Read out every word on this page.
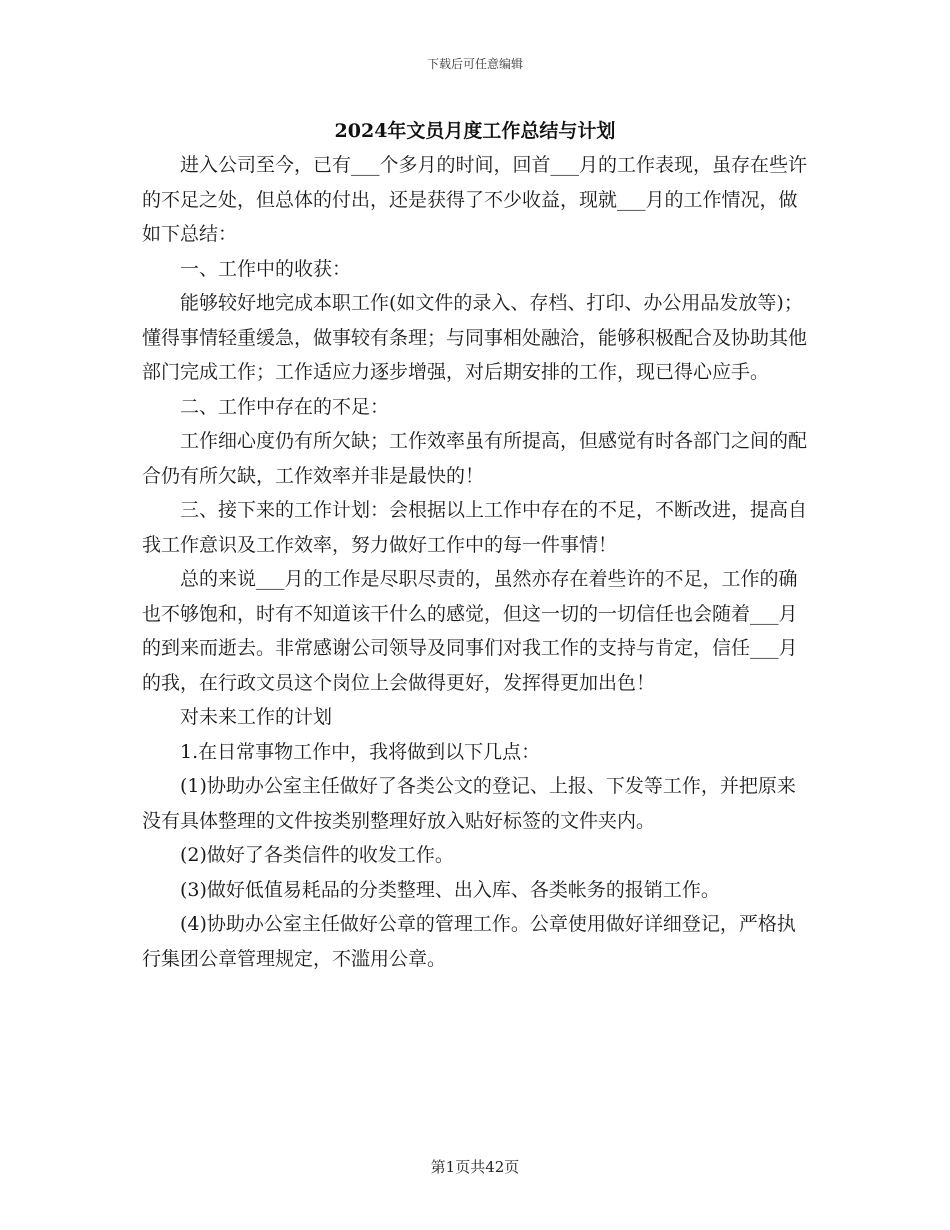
下载后可任意编辑
2024年文员月度工作总结与计划

进入公司至今，已有___个多月的时间，回首___月的工作表现，虽存在些许的不足之处，但总体的付出，还是获得了不少收益，现就___月的工作情况，做如下总结：

一、工作中的收获：

能够较好地完成本职工作(如文件的录入、存档、打印、办公用品发放等)；懂得事情轻重缓急，做事较有条理；与同事相处融洽，能够积极配合及协助其他部门完成工作；工作适应力逐步增强，对后期安排的工作，现已得心应手。

二、工作中存在的不足：

工作细心度仍有所欠缺；工作效率虽有所提高，但感觉有时各部门之间的配合仍有所欠缺，工作效率并非是最快的！

三、接下来的工作计划：会根据以上工作中存在的不足，不断改进，提高自我工作意识及工作效率，努力做好工作中的每一件事情！

总的来说___月的工作是尽职尽责的，虽然亦存在着些许的不足，工作的确也不够饱和，时有不知道该干什么的感觉，但这一切的一切信任也会随着___月的到来而逝去。非常感谢公司领导及同事们对我工作的支持与肯定，信任___月的我，在行政文员这个岗位上会做得更好，发挥得更加出色！

对未来工作的计划

1.在日常事物工作中，我将做到以下几点：

(1)协助办公室主任做好了各类公文的登记、上报、下发等工作，并把原来没有具体整理的文件按类别整理好放入贴好标签的文件夹内。

(2)做好了各类信件的收发工作。

(3)做好低值易耗品的分类整理、出入库、各类帐务的报销工作。

(4)协助办公室主任做好公章的管理工作。公章使用做好详细登记，严格执行集团公章管理规定，不滥用公章。

第1页共42页
